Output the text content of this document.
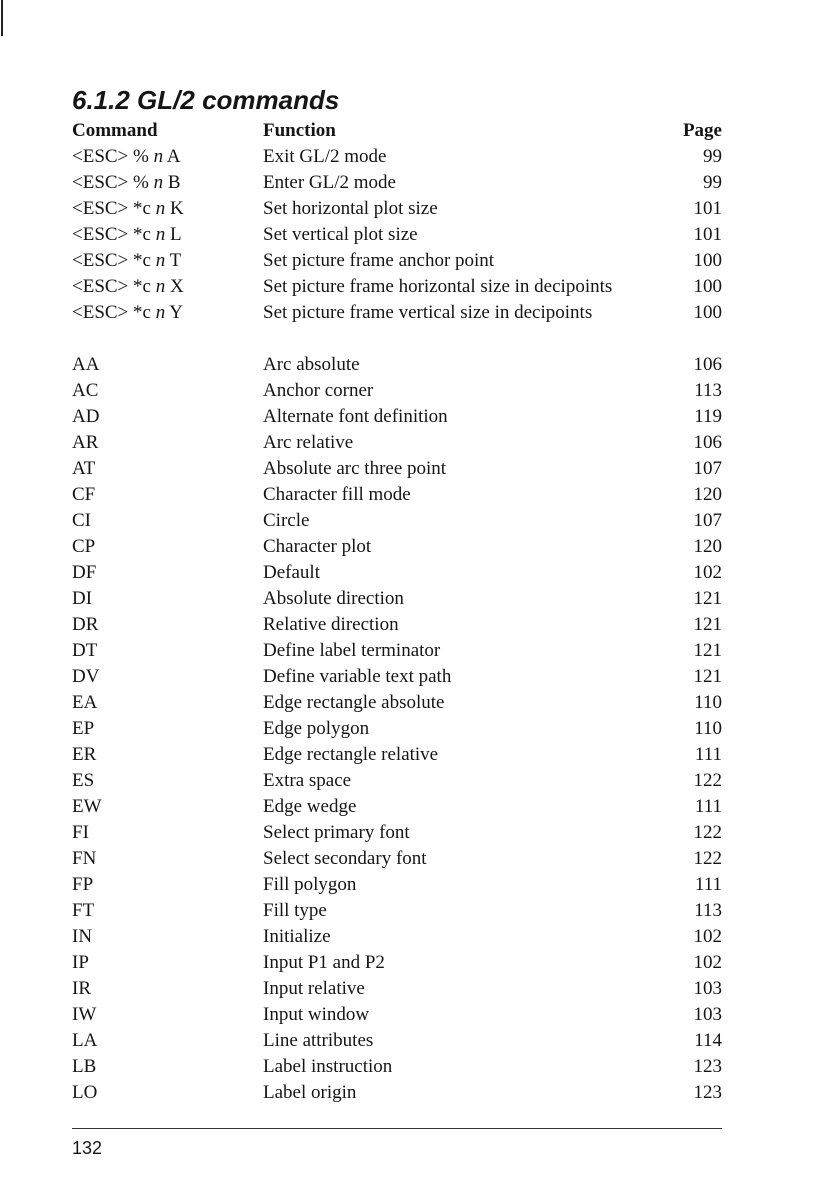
6.1.2 GL/2 commands
Command	Function	Page
<ESC> % n A	Exit GL/2 mode	99
<ESC> % n B	Enter GL/2 mode	99
<ESC> *c n K	Set horizontal plot size	101
<ESC> *c n L	Set vertical plot size	101
<ESC> *c n T	Set picture frame anchor point	100
<ESC> *c n X	Set picture frame horizontal size in decipoints	100
<ESC> *c n Y	Set picture frame vertical size in decipoints	100

AA	Arc absolute	106
AC	Anchor corner	113
AD	Alternate font definition	119
AR	Arc relative	106
AT	Absolute arc three point	107
CF	Character fill mode	120
CI	Circle	107
CP	Character plot	120
DF	Default	102
DI	Absolute direction	121
DR	Relative direction	121
DT	Define label terminator	121
DV	Define variable text path	121
EA	Edge rectangle absolute	110
EP	Edge polygon	110
ER	Edge rectangle relative	111
ES	Extra space	122
EW	Edge wedge	111
FI	Select primary font	122
FN	Select secondary font	122
FP	Fill polygon	111
FT	Fill type	113
IN	Initialize	102
IP	Input P1 and P2	102
IR	Input relative	103
IW	Input window	103
LA	Line attributes	114
LB	Label instruction	123
LO	Label origin	123
132
